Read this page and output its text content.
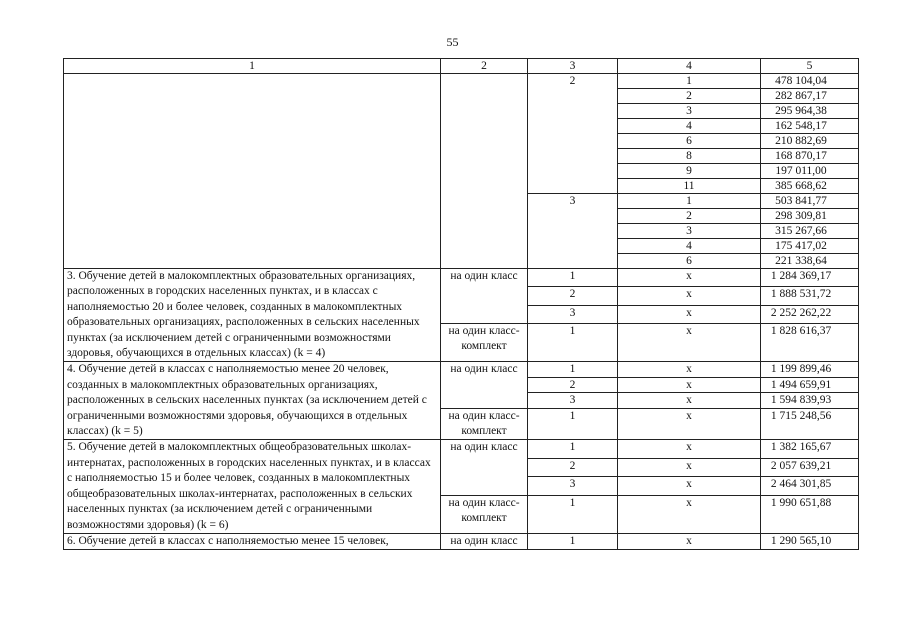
55
1	2	3	4	5
		2	1	478 104,04
			2	282 867,17
			3	295 964,38
			4	162 548,17
			6	210 882,69
			8	168 870,17
			9	197 011,00
			11	385 668,62
		3	1	503 841,77
			2	298 309,81
			3	315 267,66
			4	175 417,02
			6	221 338,64
3. Обучение детей в малокомплектных образовательных организациях, расположенных в городских населенных пунктах, и в классах с наполняемостью 20 и более человек, созданных в малокомплектных образовательных организациях, расположенных в сельских населенных пунктах (за исключением детей с ограниченными возможностями здоровья, обучающихся в отдельных классах) (k = 4)	на один класс	1	х	1 284 369,17
		2	х	1 888 531,72
		3	х	2 252 262,22
	на один класс-комплект	1	х	1 828 616,37
4. Обучение детей в классах с наполняемостью менее 20 человек, созданных в малокомплектных образовательных организациях, расположенных в сельских населенных пунктах (за исключением детей с ограниченными возможностями здоровья, обучающихся в отдельных классах) (k = 5)	на один класс	1	х	1 199 899,46
		2	х	1 494 659,91
		3	х	1 594 839,93
	на один класс-комплект	1	х	1 715 248,56
5. Обучение детей в малокомплектных общеобразовательных школах-интернатах, расположенных в городских населенных пунктах, и в классах с наполняемостью 15 и более человек, созданных в малокомплектных общеобразовательных школах-интернатах, расположенных в сельских населенных пунктах (за исключением детей с ограниченными возможностями здоровья) (k = 6)	на один класс	1	х	1 382 165,67
		2	х	2 057 639,21
		3	х	2 464 301,85
	на один класс-комплект	1	х	1 990 651,88
6. Обучение детей в классах с наполняемостью менее 15 человек,	на один класс	1	х	1 290 565,10
